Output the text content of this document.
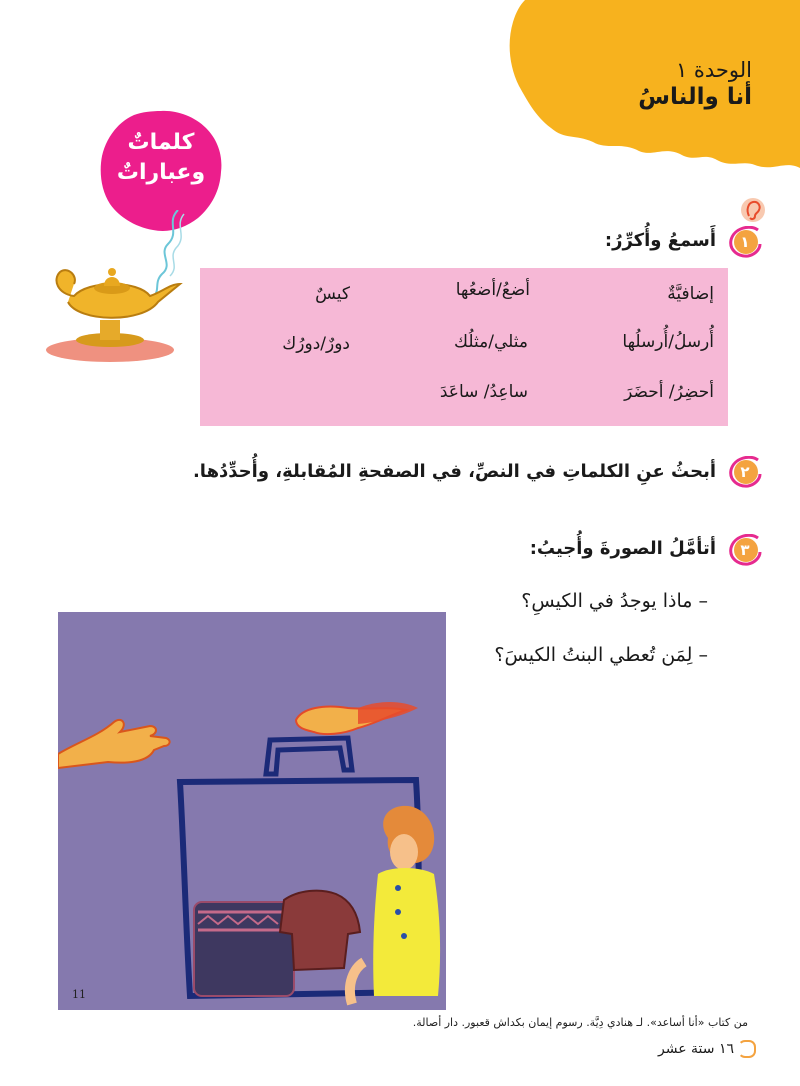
الوحدة ١
أنا والناسُ
كلماتٌ
وعباراتٌ
١
أَسمعُ وأُكرِّرُ:
إضافيَّةٌ
أضعُ/أضعُها
كيسٌ
أُرسلُ/أُرسلُها
مثلي/مثلُك
دورٌ/دورُك
أحضِرُ/ أحضَرَ
ساعِدُ/ ساعَدَ
٢
أبحثُ عنِ الكلماتِ في النصِّ، في الصفحةِ المُقابلةِ، وأُحدِّدُها.
٣
أتأمَّلُ الصورةَ وأُجيبُ:
– ماذا يوجدُ في الكيسِ؟
– لِمَن تُعطي البنتُ الكيسَ؟
11
من كتاب «أنا أساعد». لـ هنادي دِيَّة. رسوم إيمان بكداش قعبور. دار أصالة.
١٦ ستة عشر
